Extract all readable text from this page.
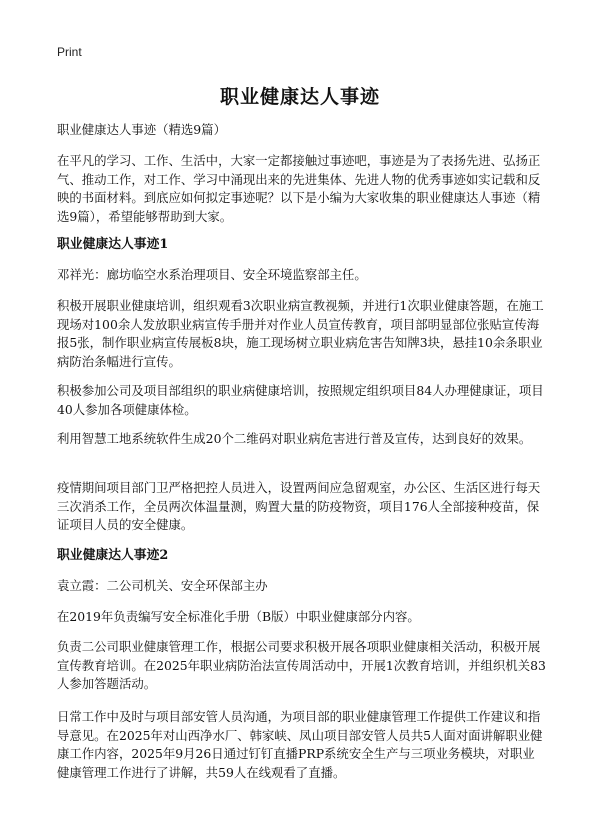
Print
职业健康达人事迹

职业健康达人事迹（精选9篇）

在平凡的学习、工作、生活中，大家一定都接触过事迹吧，事迹是为了表扬先进、弘扬正气、推动工作，对工作、学习中涌现出来的先进集体、先进人物的优秀事迹如实记载和反映的书面材料。到底应如何拟定事迹呢？以下是小编为大家收集的职业健康达人事迹（精选9篇），希望能够帮助到大家。

职业健康达人事迹1

邓祥光：廊坊临空水系治理项目、安全环境监察部主任。

积极开展职业健康培训，组织观看3次职业病宣教视频，并进行1次职业健康答题，在施工现场对100余人发放职业病宣传手册并对作业人员宣传教育，项目部明显部位张贴宣传海报5张，制作职业病宣传展板8块，施工现场树立职业病危害告知牌3块，悬挂10余条职业病防治条幅进行宣传。

积极参加公司及项目部组织的职业病健康培训，按照规定组织项目84人办理健康证，项目40人参加各项健康体检。

利用智慧工地系统软件生成20个二维码对职业病危害进行普及宣传，达到良好的效果。

疫情期间项目部门卫严格把控人员进入，设置两间应急留观室，办公区、生活区进行每天三次消杀工作，全员两次体温量测，购置大量的防疫物资，项目176人全部接种疫苗，保证项目人员的安全健康。

职业健康达人事迹2

袁立霞：二公司机关、安全环保部主办

在2019年负责编写安全标准化手册（B版）中职业健康部分内容。

负责二公司职业健康管理工作，根据公司要求积极开展各项职业健康相关活动，积极开展宣传教育培训。在2025年职业病防治法宣传周活动中，开展1次教育培训，并组织机关83人参加答题活动。

日常工作中及时与项目部安管人员沟通，为项目部的职业健康管理工作提供工作建议和指导意见。在2025年对山西净水厂、韩家峡、凤山项目部安管人员共5人面对面讲解职业健康工作内容，2025年9月26日通过钉钉直播PRP系统安全生产与三项业务模块，对职业健康管理工作进行了讲解，共59人在线观看了直播。
